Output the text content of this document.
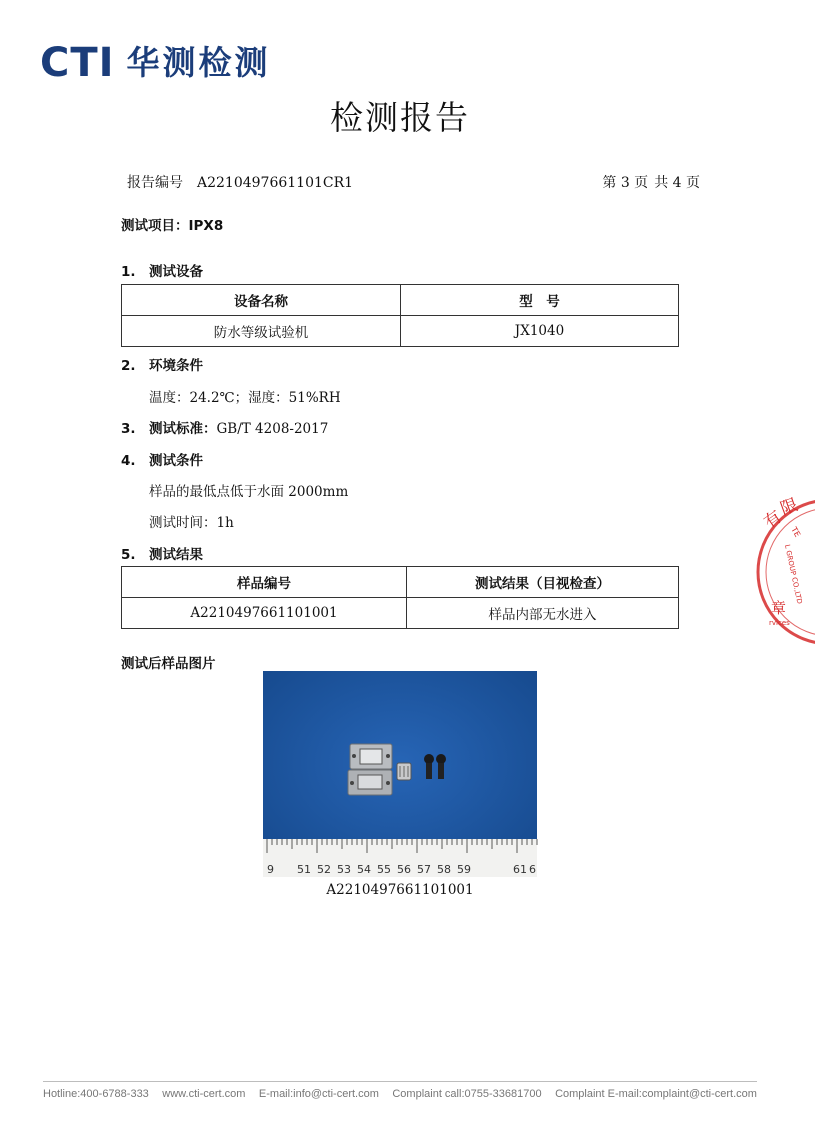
CTI 华测检测
检测报告
报告编号 A2210497661101CR1	第 3 页 共 4 页
测试项目：IPX8
1. 测试设备
设备名称	型　号
防水等级试验机	JX1040
2. 环境条件
温度：24.2℃；湿度：51%RH
3. 测试标准：GB/T 4208-2017
4. 测试条件
样品的最低点低于水面 2000mm
测试时间：1h
5. 测试结果
样品编号	测试结果（目视检查）
A2210497661101001	样品内部无水进入
测试后样品图片
9 51 52 53 54 55 56 57 58 59	61 6
A2210497661101001
有
限
章
TE
L GROUP CO.,LTD
rvices
Hotline:400-6788-333 www.cti-cert.com E-mail:info@cti-cert.com Complaint call:0755-33681700 Complaint E-mail:complaint@cti-cert.com
